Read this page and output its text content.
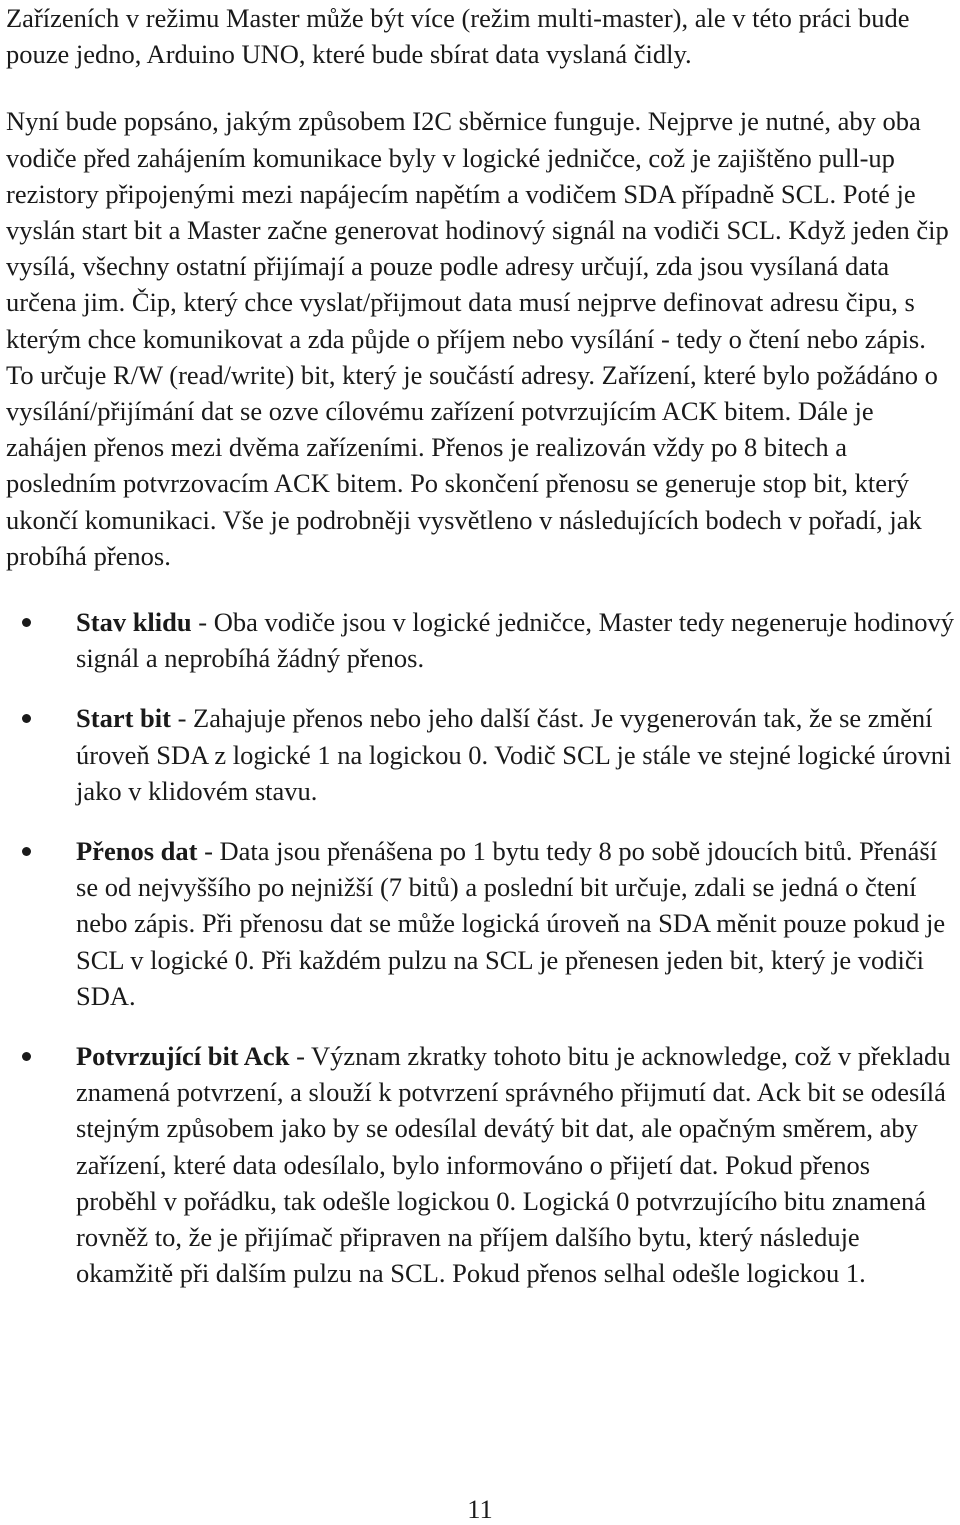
Zařízeních v režimu Master může být více (režim multi-master), ale v této práci bude pouze jedno, Arduino UNO, které bude sbírat data vyslaná čidly.

Nyní bude popsáno, jakým způsobem I2C sběrnice funguje. Nejprve je nutné, aby oba vodiče před zahájením komunikace byly v logické jedničce, což je zajištěno pull-up rezistory připojenými mezi napájecím napětím a vodičem SDA případně SCL. Poté je vyslán start bit a Master začne generovat hodinový signál na vodiči SCL. Když jeden čip vysílá, všechny ostatní přijímají a pouze podle adresy určují, zda jsou vysílaná data určena jim. Čip, který chce vyslat/přijmout data musí nejprve definovat adresu čipu, s kterým chce komunikovat a zda půjde o příjem nebo vysílání - tedy o čtení nebo zápis. To určuje R/W (read/write) bit, který je součástí adresy. Zařízení, které bylo požádáno o vysílání/přijímání dat se ozve cílovému zařízení potvrzujícím ACK bitem. Dále je zahájen přenos mezi dvěma zařízeními. Přenos je realizován vždy po 8 bitech a posledním potvrzovacím ACK bitem. Po skončení přenosu se generuje stop bit, který ukončí komunikaci. Vše je podrobněji vysvětleno v následujících bodech v pořadí, jak probíhá přenos.

Stav klidu - Oba vodiče jsou v logické jedničce, Master tedy negeneruje hodinový signál a neprobíhá žádný přenos.
Start bit - Zahajuje přenos nebo jeho další část. Je vygenerován tak, že se změní úroveň SDA z logické 1 na logickou 0. Vodič SCL je stále ve stejné logické úrovni jako v klidovém stavu.
Přenos dat - Data jsou přenášena po 1 bytu tedy 8 po sobě jdoucích bitů. Přenáší se od nejvyššího po nejnižší (7 bitů) a poslední bit určuje, zdali se jedná o čtení nebo zápis. Při přenosu dat se může logická úroveň na SDA měnit pouze pokud je SCL v logické 0. Při každém pulzu na SCL je přenesen jeden bit, který je vodiči SDA.
Potvrzující bit Ack - Význam zkratky tohoto bitu je acknowledge, což v překladu znamená potvrzení, a slouží k potvrzení správného přijmutí dat. Ack bit se odesílá stejným způsobem jako by se odesílal devátý bit dat, ale opačným směrem, aby zařízení, které data odesílalo, bylo informováno o přijetí dat. Pokud přenos proběhl v pořádku, tak odešle logickou 0. Logická 0 potvrzujícího bitu znamená rovněž to, že je přijímač připraven na příjem dalšího bytu, který následuje okamžitě při dalším pulzu na SCL. Pokud přenos selhal odešle logickou 1.
11
